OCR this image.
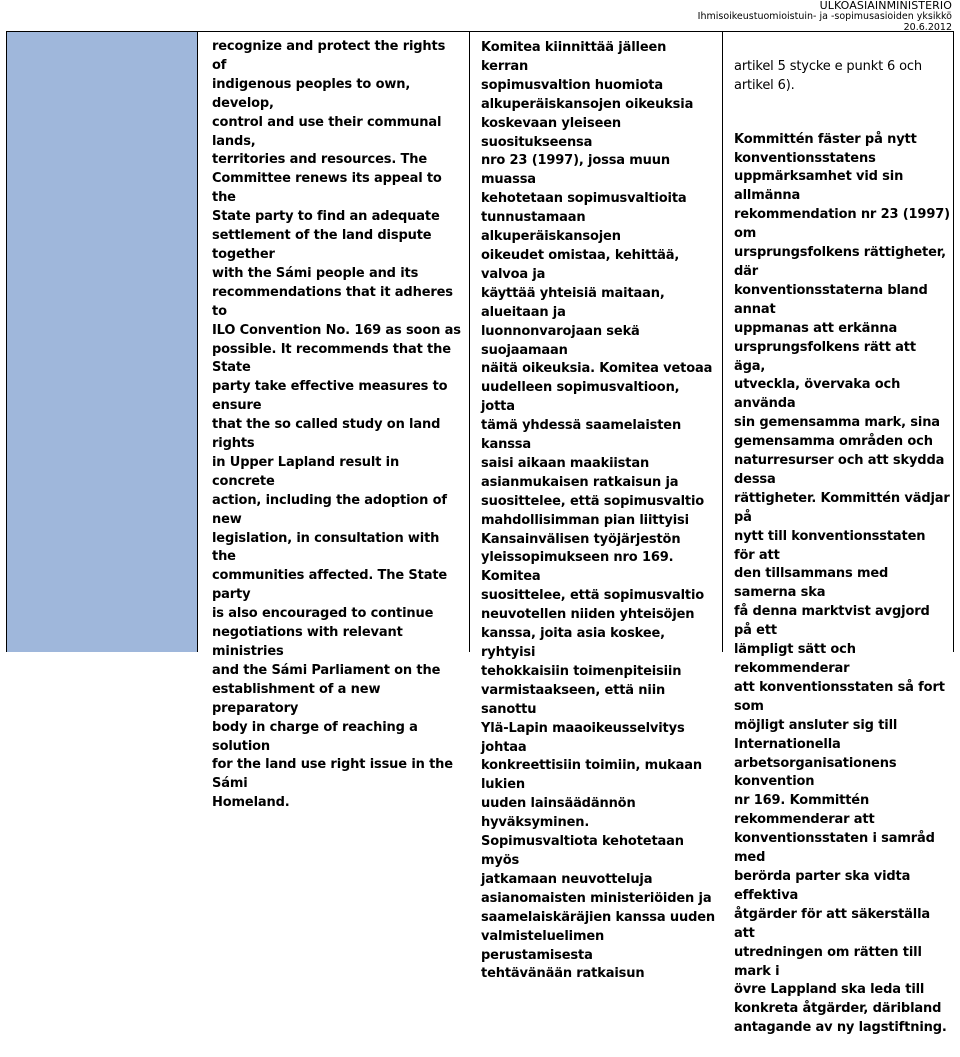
ULKOASIAINMINISTERIÖ
Ihmisoikeustuomioistuin- ja -sopimusasioiden yksikkö
20.6.2012
recognize and protect the rights of
indigenous peoples to own, develop,
control and use their communal lands,
territories and resources. The
Committee renews its appeal to the
State party to find an adequate
settlement of the land dispute together
with the Sámi people and its
recommendations that it adheres to
ILO Convention No. 169 as soon as
possible. It recommends that the State
party take effective measures to ensure
that the so called study on land rights
in Upper Lapland result in concrete
action, including the adoption of new
legislation, in consultation with the
communities affected. The State party
is also encouraged to continue
negotiations with relevant ministries
and the Sámi Parliament on the
establishment of a new preparatory
body in charge of reaching a solution
for the land use right issue in the Sámi
Homeland.
Komitea kiinnittää jälleen kerran
sopimusvaltion huomiota
alkuperäiskansojen oikeuksia
koskevaan yleiseen suositukseensa
nro 23 (1997), jossa muun muassa
kehotetaan sopimusvaltioita
tunnustamaan alkuperäiskansojen
oikeudet omistaa, kehittää, valvoa ja
käyttää yhteisiä maitaan, alueitaan ja
luonnonvarojaan sekä suojaamaan
näitä oikeuksia. Komitea vetoaa
uudelleen sopimusvaltioon, jotta
tämä yhdessä saamelaisten kanssa
saisi aikaan maakiistan
asianmukaisen ratkaisun ja
suosittelee, että sopimusvaltio
mahdollisimman pian liittyisi
Kansainvälisen työjärjestön
yleissopimukseen nro 169. Komitea
suosittelee, että sopimusvaltio
neuvotellen niiden yhteisöjen
kanssa, joita asia koskee, ryhtyisi
tehokkaisiin toimenpiteisiin
varmistaakseen, että niin sanottu
Ylä-Lapin maaoikeusselvitys johtaa
konkreettisiin toimiin, mukaan lukien
uuden lainsäädännön hyväksyminen.
Sopimusvaltiota kehotetaan myös
jatkamaan neuvotteluja
asianomaisten ministeriöiden ja
saamelaiskäräjien kanssa uuden
valmisteluelimen perustamisesta
tehtävänään ratkaisun

artikel 5 stycke e punkt 6 och
artikel 6).

Kommittén fäster på nytt
konventionsstatens
uppmärksamhet vid sin allmänna
rekommendation nr 23 (1997) om
ursprungsfolkens rättigheter, där
konventionsstaterna bland annat
uppmanas att erkänna
ursprungsfolkens rätt att äga,
utveckla, övervaka och använda
sin gemensamma mark, sina
gemensamma områden och
naturresurser och att skydda dessa
rättigheter. Kommittén vädjar på
nytt till konventionsstaten för att
den tillsammans med samerna ska
få denna marktvist avgjord på ett
lämpligt sätt och rekommenderar
att konventionsstaten så fort som
möjligt ansluter sig till
Internationella
arbetsorganisationens konvention
nr 169. Kommittén
rekommenderar att
konventionsstaten i samråd med
berörda parter ska vidta effektiva
åtgärder för att säkerställa att
utredningen om rätten till mark i
övre Lappland ska leda till
konkreta åtgärder, däribland
antagande av ny lagstiftning.
